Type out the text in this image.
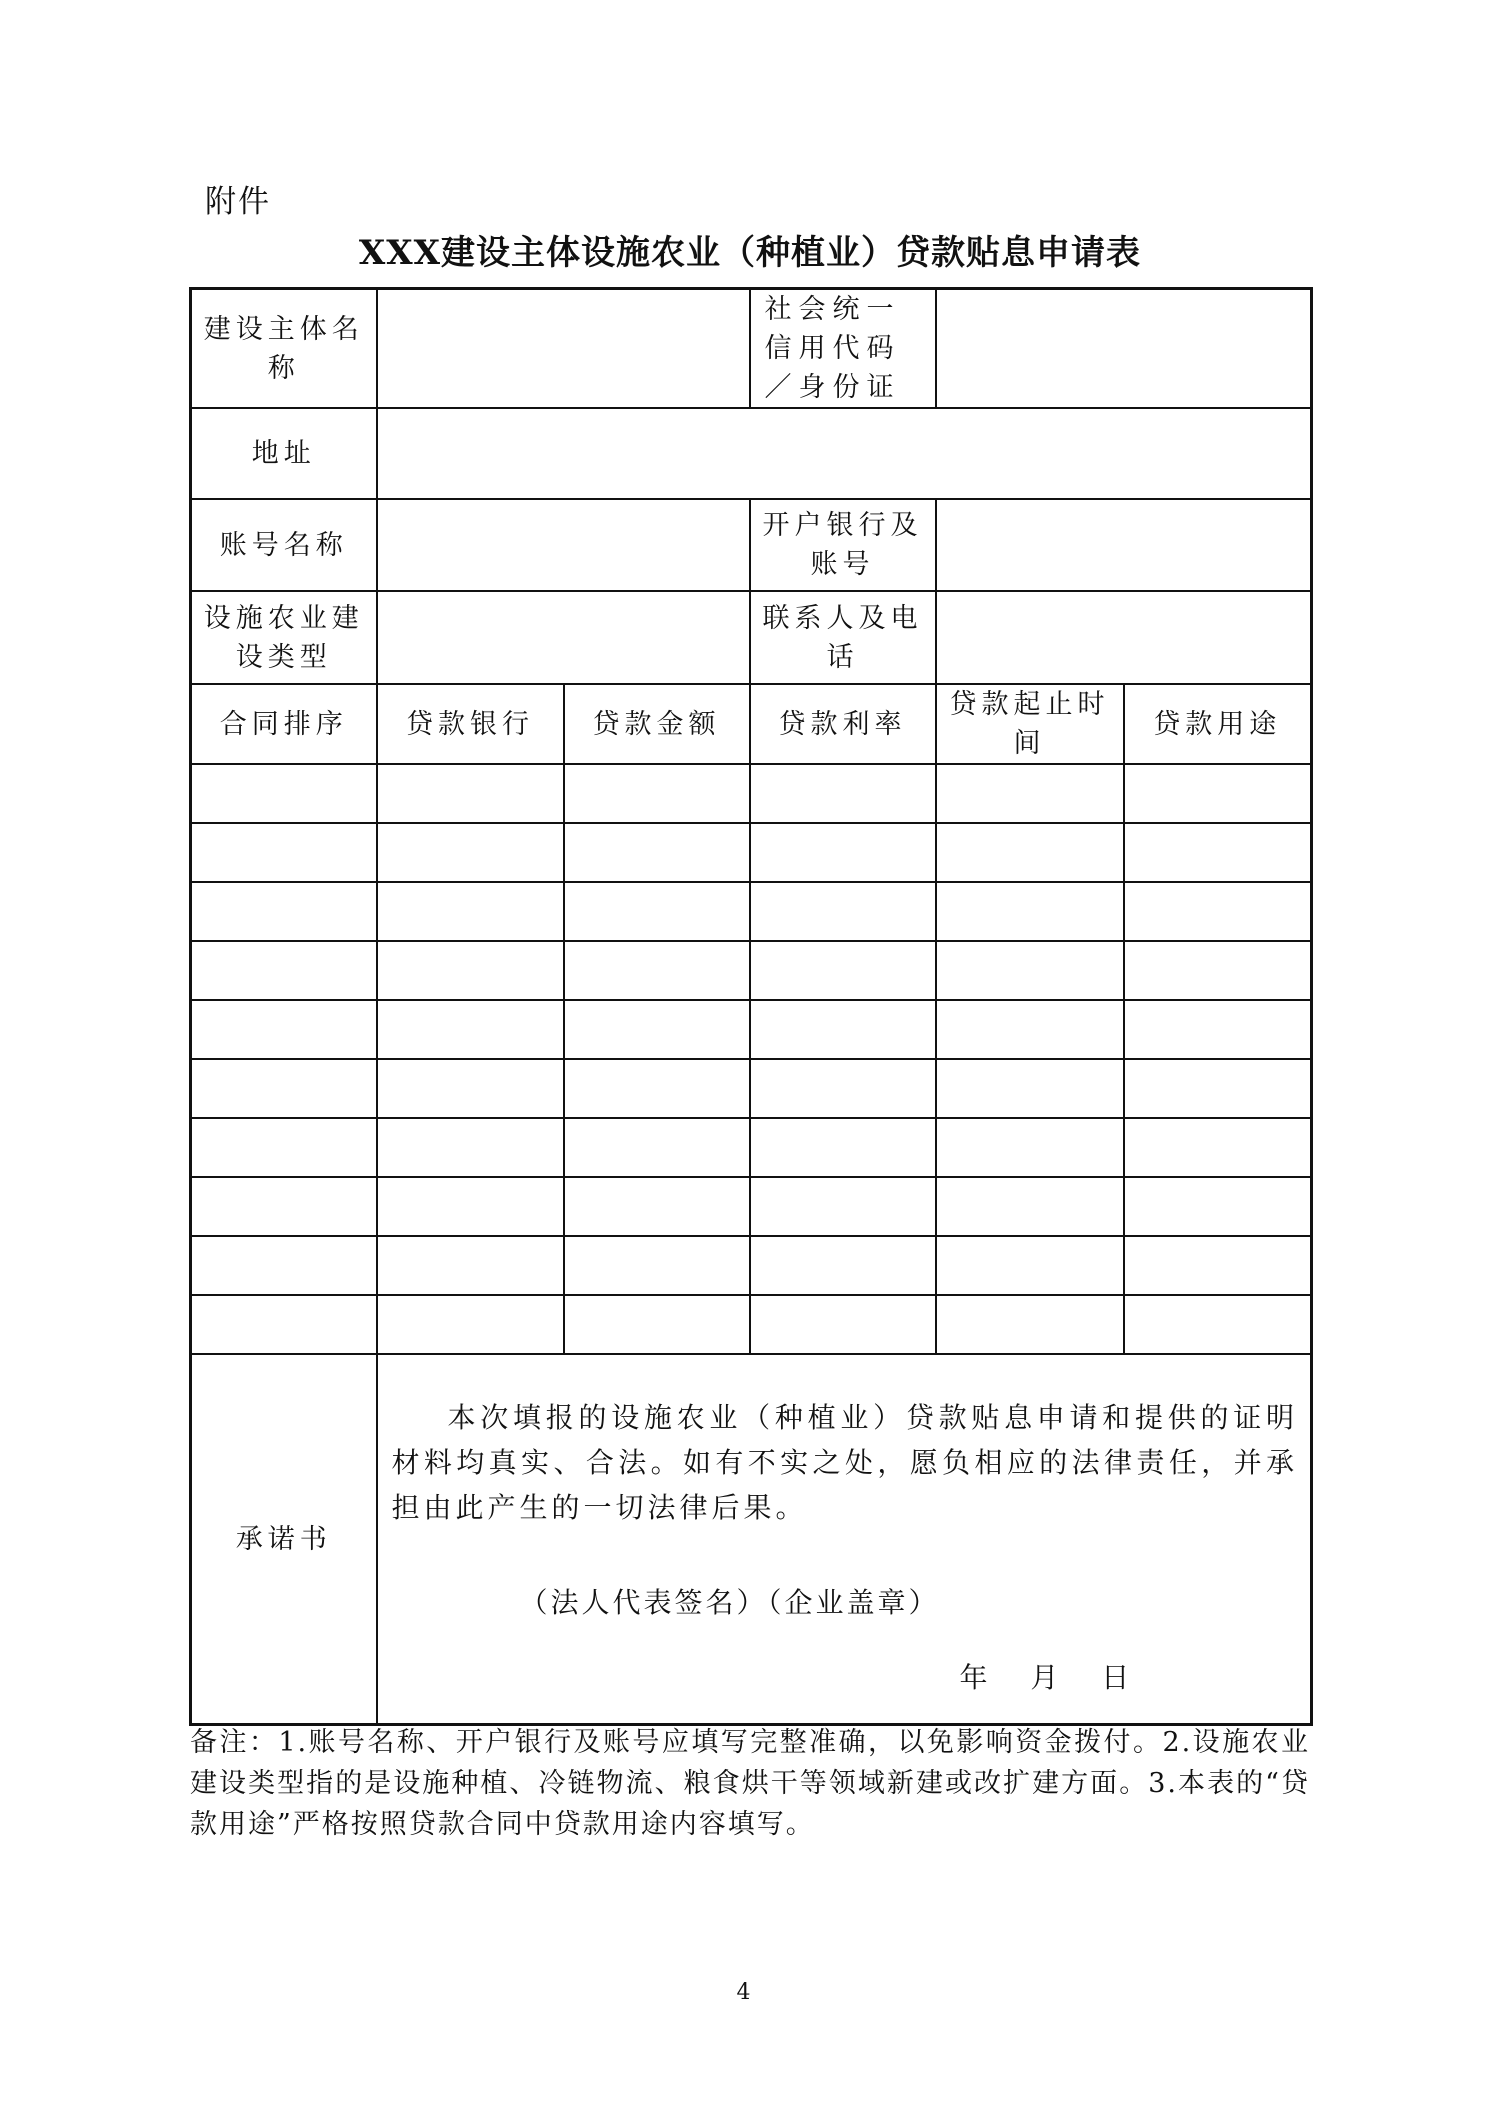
附件
XXX建设主体设施农业（种植业）贷款贴息申请表
建设主体名称			社会统一信用代码／身份证		
地址					
账号名称			开户银行及账号		
设施农业建设类型			联系人及电话		
合同排序	贷款银行	贷款金额	贷款利率	贷款起止时间	贷款用途

承诺书	本次填报的设施农业（种植业）贷款贴息申请和提供的证明材料均真实、合法。如有不实之处，愿负相应的法律责任，并承担由此产生的一切法律后果。
（法人代表签名）（企业盖章）
年 月 日				
备注：1.账号名称、开户银行及账号应填写完整准确，以免影响资金拨付。2.设施农业建设类型指的是设施种植、冷链物流、粮食烘干等领域新建或改扩建方面。3.本表的“贷款用途”严格按照贷款合同中贷款用途内容填写。
4
